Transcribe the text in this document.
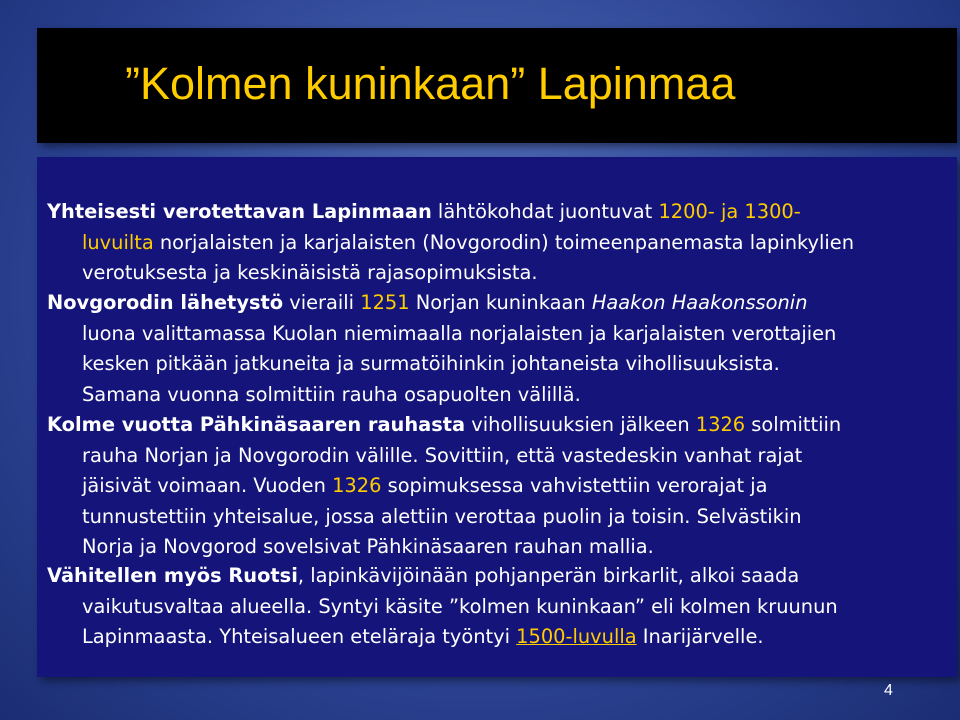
”Kolmen kuninkaan” Lapinmaa

Yhteisesti verotettavan Lapinmaan lähtökohdat juontuvat 1200- ja 1300-
luvuilta norjalaisten ja karjalaisten (Novgorodin) toimeenpanemasta lapinkylien
verotuksesta ja keskinäisistä rajasopimuksista.

Novgorodin lähetystö vieraili 1251 Norjan kuninkaan Haakon Haakonssonin
luona valittamassa Kuolan niemimaalla norjalaisten ja karjalaisten verottajien
kesken pitkään jatkuneita ja surmatöihinkin johtaneista vihollisuuksista.
Samana vuonna solmittiin rauha osapuolten välillä.

Kolme vuotta Pähkinäsaaren rauhasta vihollisuuksien jälkeen 1326 solmittiin
rauha Norjan ja Novgorodin välille. Sovittiin, että vastedeskin vanhat rajat
jäisivät voimaan. Vuoden 1326 sopimuksessa vahvistettiin verorajat ja
tunnustettiin yhteisalue, jossa alettiin verottaa puolin ja toisin. Selvästikin
Norja ja Novgorod sovelsivat Pähkinäsaaren rauhan mallia.

Vähitellen myös Ruotsi, lapinkävijöinään pohjanperän birkarlit, alkoi saada
vaikutusvaltaa alueella. Syntyi käsite ”kolmen kuninkaan” eli kolmen kruunun
Lapinmaasta. Yhteisalueen eteläraja työntyi 1500-luvulla Inarijärvelle.

4
